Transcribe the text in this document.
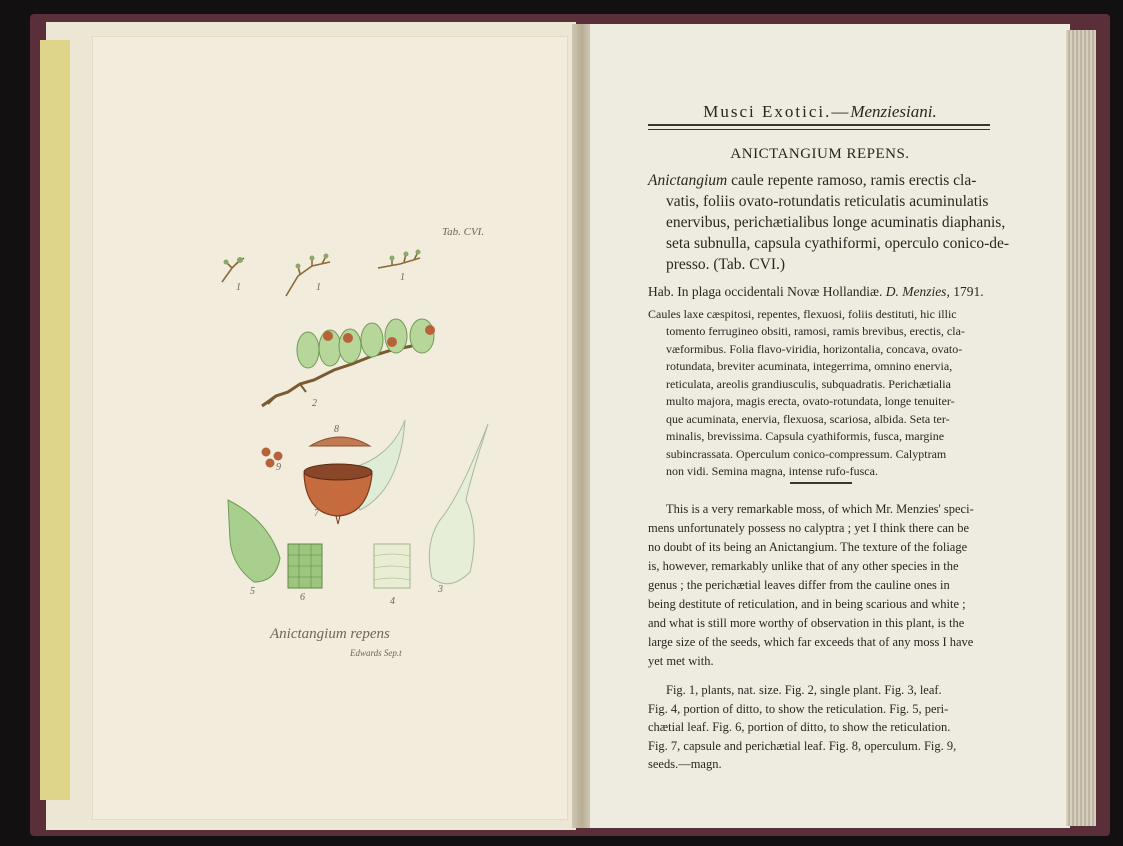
Tab. CVI.
1	1
1
2
8
9
7
5
6	4
3
Anictangium repens
Edwards Sep.t
Musci Exotici.—Menziesiani.
ANICTANGIUM REPENS.
Anictangium caule repente ramoso, ramis erectis cla-
vatis, foliis ovato-rotundatis reticulatis acuminulatis
enervibus, perichætialibus longe acuminatis diaphanis,
seta subnulla, capsula cyathiformi, operculo conico-de-
presso. (Tab. CVI.)
Hab. In plaga occidentali Novæ Hollandiæ. D. Menzies, 1791.
Caules laxe cæspitosi, repentes, flexuosi, foliis destituti, hic illic
tomento ferrugineo obsiti, ramosi, ramis brevibus, erectis, cla-
væformibus. Folia flavo-viridia, horizontalia, concava, ovato-
rotundata, breviter acuminata, integerrima, omnino enervia,
reticulata, areolis grandiusculis, subquadratis. Perichætialia
multo majora, magis erecta, ovato-rotundata, longe tenuiter-
que acuminata, enervia, flexuosa, scariosa, albida. Seta ter-
minalis, brevissima. Capsula cyathiformis, fusca, margine
subincrassata. Operculum conico-compressum. Calyptram
non vidi. Semina magna, intense rufo-fusca.
This is a very remarkable moss, of which Mr. Menzies' speci-
mens unfortunately possess no calyptra ; yet I think there can be
no doubt of its being an Anictangium. The texture of the foliage
is, however, remarkably unlike that of any other species in the
genus ; the perichætial leaves differ from the cauline ones in
being destitute of reticulation, and in being scarious and white ;
and what is still more worthy of observation in this plant, is the
large size of the seeds, which far exceeds that of any moss I have
yet met with.
Fig. 1, plants, nat. size. Fig. 2, single plant. Fig. 3, leaf.
Fig. 4, portion of ditto, to show the reticulation. Fig. 5, peri-
chætial leaf. Fig. 6, portion of ditto, to show the reticulation.
Fig. 7, capsule and perichætial leaf. Fig. 8, operculum. Fig. 9,
seeds.—magn.
